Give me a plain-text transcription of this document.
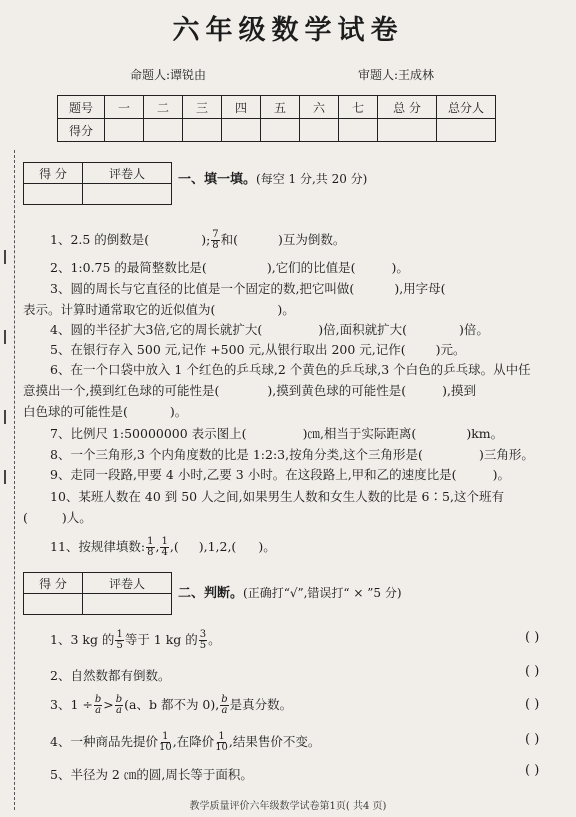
六年级数学试卷
命题人:谭锐由	审题人:王成林
题号	一	二	三	四	五	六	七	总 分	总分人
得分									
得 分	评卷人
		一、填一填。(每空 1 分,共 20 分)
1、2.5 的倒数是(	); $\frac{7}{8}$ 和(	)互为倒数。
2、1:0.75 的最简整数比是(	),它们的比值是(	)。
3、圆的周长与它直径的比值是一个固定的数,把它叫做(	),用字母(
表示。计算时通常取它的近似值为(	)。
4、圆的半径扩大3倍,它的周长就扩大(	)倍,面积就扩大(	)倍。
5、在银行存入 500 元,记作 +500 元,从银行取出 200 元,记作( )元。
6、在一个口袋中放入 1 个红色的乒乓球,2 个黄色的乒乓球,3 个白色的乒乓球。从中任
意摸出一个,摸到红色球的可能性是(	),摸到黄色球的可能性是(	),摸到
白色球的可能性是(	)。
7、比例尺 1:50000000 表示图上(	)㎝,相当于实际距离(	)km。
8、一个三角形,3 个内角度数的比是 1:2:3,按角分类,这个三角形是(	)三角形。
9、走同一段路,甲要 4 小时,乙要 3 小时。在这段路上,甲和乙的速度比是(	)。
10、某班人数在 40 到 50 人之间,如果男生人数和女生人数的比是 6∶5,这个班有
(	)人。
11、按规律填数: $\frac{1}{8}$ , $\frac{1}{4}$ ,( ),1,2,( )。
得 分	评卷人

二、判断。(正确打“√”,错误打“ × ”5 分)
1、3 kg 的 $\frac{1}{5}$ 等于 1 kg 的 $\frac{3}{5}$ 。	( )
2、自然数都有倒数。	( )
3、$1 \div \frac{b}{a} > \frac{b}{a} (a$、b 都不为 0), $\frac{b}{a}$ 是真分数。	( )
4、一种商品先提价 $\frac{1}{10}$ ,在降价 $\frac{1}{10}$ ,结果售价不变。	( )
5、半径为 2 ㎝的圆,周长等于面积。	( )
教学质量评价六年级数学试卷第1页( 共4 页)
